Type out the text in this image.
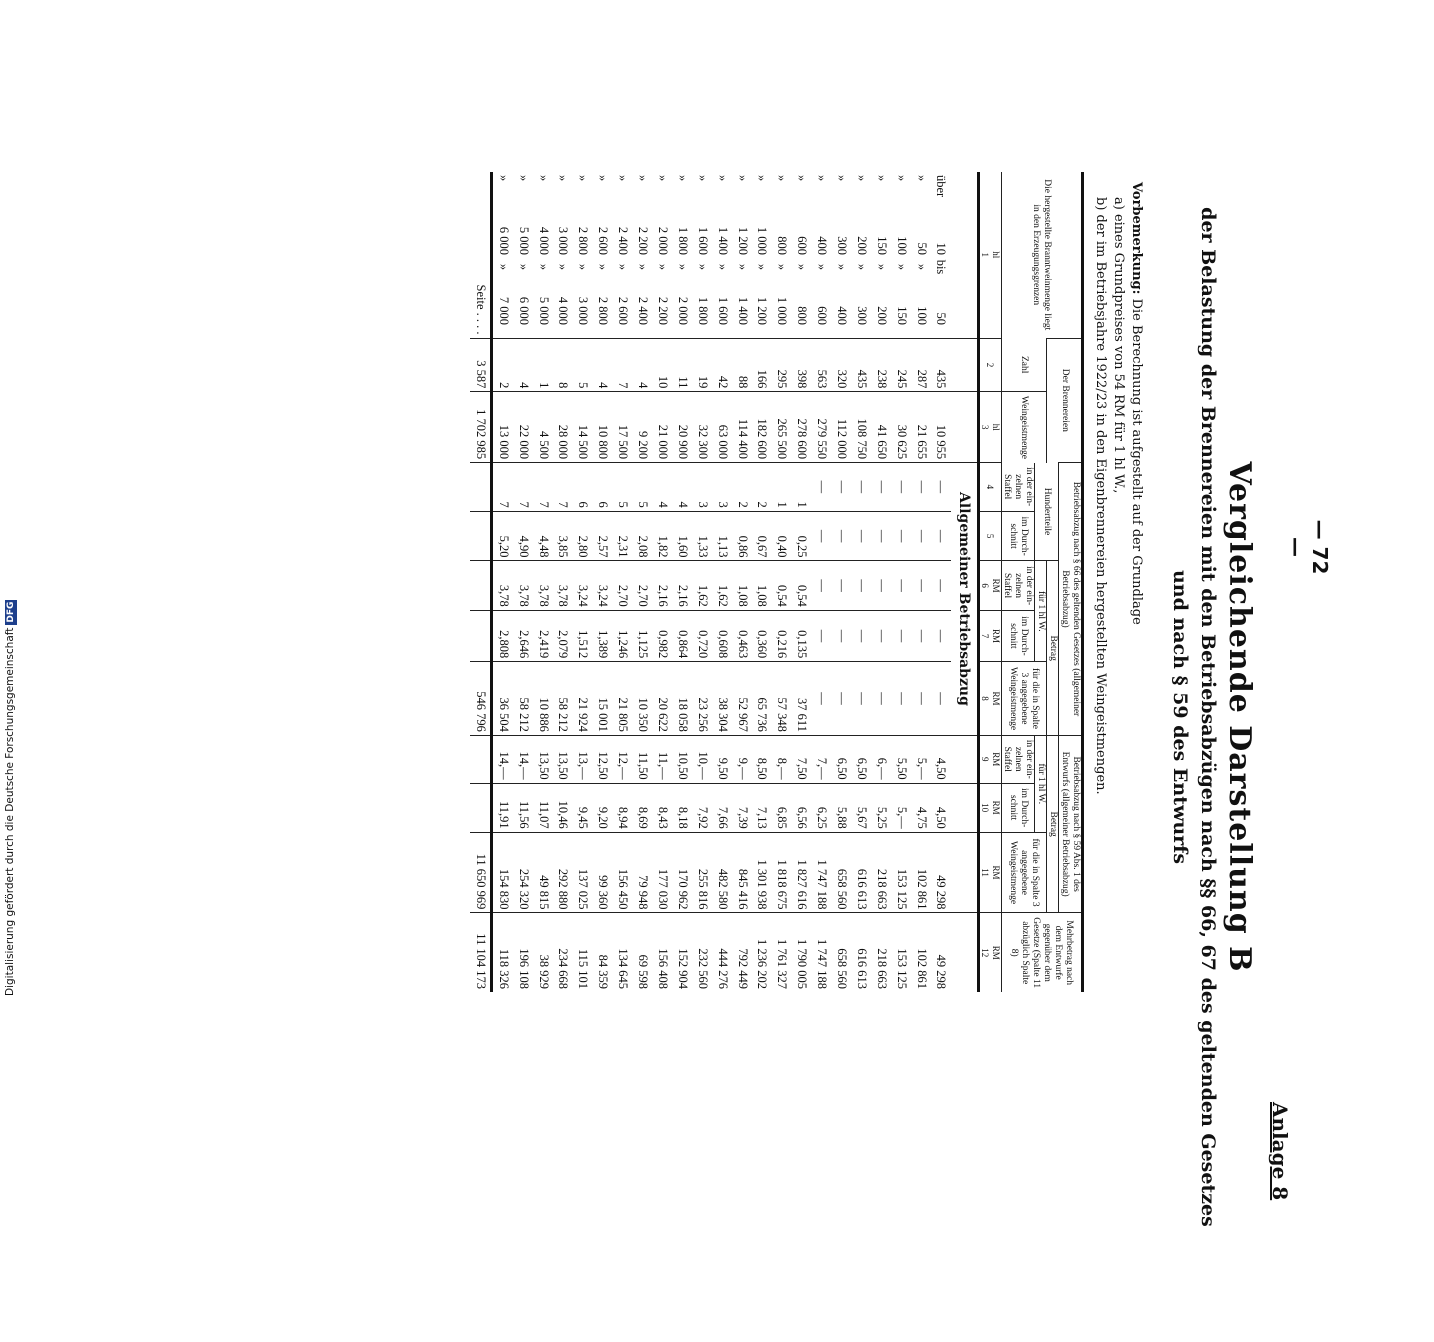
— 72 —
Anlage 8
Vergleichende Darstellung B
der Belastung der Brennereien mit den Betriebsabzügen nach §§ 66, 67 des geltenden Gesetzes
und nach § 59 des Entwurfs
Vorbemerkung: Die Berechnung ist aufgestellt auf der Grundlage
a) eines Grundpreises von 54 RM für 1 hl W.,
b) der im Betriebsjahre 1922/23 in den Eigenbrennereien hergestellten Weingeistmengen.
Die hergestellte Branntweinmenge liegt in den Erzeugungsgrenzen	Der Brennereien		Betriebsabzug nach § 66 des geltenden Gesetzes (allgemeiner Betriebsabzug)					Betriebsabzug nach § 59 Abs. 1 des Entwurfs (allgemeiner Betriebsabzug)			Mehrbetrag nach dem Entwurfe gegenüber dem Gesetze (Spalte 11 abzüglich Spalte 8)
			Hundertteile		Betrag			Betrag			
	Zahl	Weingeistmenge			für 1 hl W.		für die in Spalte 3 angegebene Weingeistmenge	für 1 hl W.		für die in Spalte 3 angegebene Weingeistmenge	
			in der einzelnen Staffel	im Durchschnitt	in der einzelnen Staffel	im Durchschnitt		in der einzelnen Staffel	im Durchschnitt		
hl
1	2	hl
3	4	5	RM
6	RM
7	RM
8	RM
9	RM
10	RM
11	RM
12
			Allgemeiner Betriebsabzug								
über10bis50	435	10 955	—	—	—	—	—	4,50	4,50	49 298	49 298
»50»100	287	21 655	—	—	—	—	—	5,—	4,75	102 861	102 861
»100»150	245	30 625	—	—	—	—	—	5,50	5,—	153 125	153 125
»150»200	238	41 650	—	—	—	—	—	6,—	5,25	218 663	218 663
»200»300	435	108 750	—	—	—	—	—	6,50	5,67	616 613	616 613
»300»400	320	112 000	—	—	—	—	—	6,50	5,88	658 560	658 560
»400»600	563	279 550	—	—	—	—	—	7,—	6,25	1 747 188	1 747 188
»600»800	398	278 600	1	0,25	0,54	0,135	37 611	7,50	6,56	1 827 616	1 790 005
»800»1 000	295	265 500	1	0,40	0,54	0,216	57 348	8,—	6,85	1 818 675	1 761 327
»1 000»1 200	166	182 600	2	0,67	1,08	0,360	65 736	8,50	7,13	1 301 938	1 236 202
»1 200»1 400	88	114 400	2	0,86	1,08	0,463	52 967	9,—	7,39	845 416	792 449
»1 400»1 600	42	63 000	3	1,13	1,62	0,608	38 304	9,50	7,66	482 580	444 276
»1 600»1 800	19	32 300	3	1,33	1,62	0,720	23 256	10,—	7,92	255 816	232 560
»1 800»2 000	11	20 900	4	1,60	2,16	0,864	18 058	10,50	8,18	170 962	152 904
»2 000»2 200	10	21 000	4	1,82	2,16	0,982	20 622	11,—	8,43	177 030	156 408
»2 200»2 400	4	9 200	5	2,08	2,70	1,125	10 350	11,50	8,69	79 948	69 598
»2 400»2 600	7	17 500	5	2,31	2,70	1,246	21 805	12,—	8,94	156 450	134 645
»2 600»2 800	4	10 800	6	2,57	3,24	1,389	15 001	12,50	9,20	99 360	84 359
»2 800»3 000	5	14 500	6	2,80	3,24	1,512	21 924	13,—	9,45	137 025	115 101
»3 000»4 000	8	28 000	7	3,85	3,78	2,079	58 212	13,50	10,46	292 880	234 668
»4 000»5 000	1	4 500	7	4,48	3,78	2,419	10 886	13,50	11,07	49 815	38 929
»5 000»6 000	4	22 000	7	4,90	3,78	2,646	58 212	14,—	11,56	254 320	196 108
»6 000»7 000	2	13 000	7	5,20	3,78	2,808	36 504	14,—	11,91	154 830	118 326
Seite . . . .	3 587	1 702 985					546 796			11 650 969	11 104 173
Digitalisierung gefördert durch die Deutsche ForschungsgemeinschaftDFG
